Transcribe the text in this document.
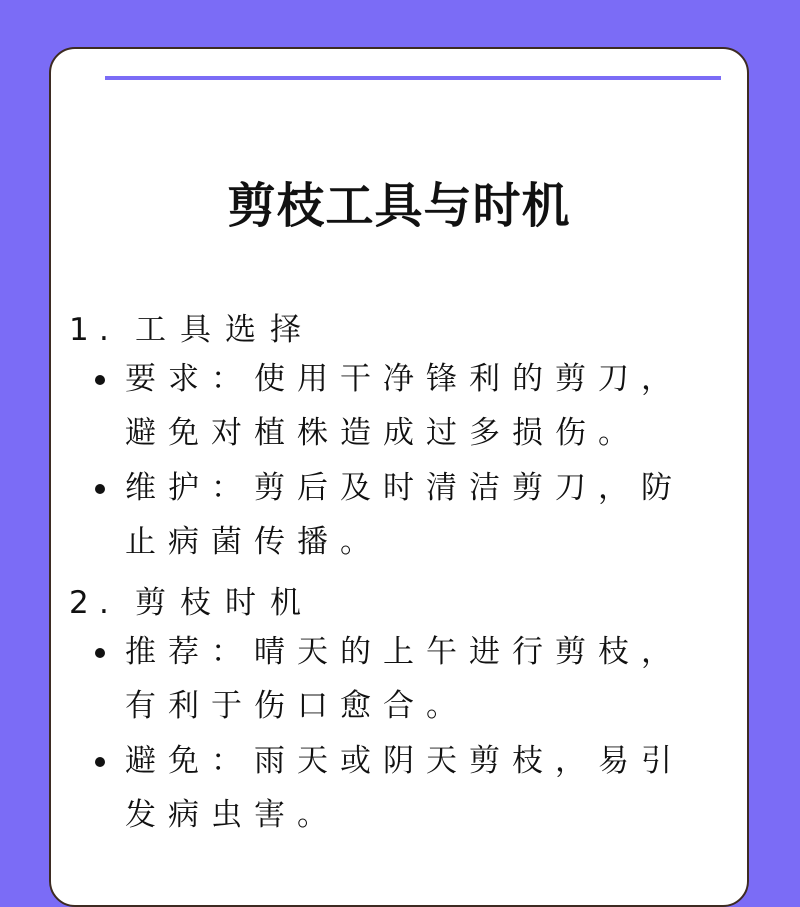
剪枝工具与时机
1 . 工具选择
要求：使用干净锋利的剪刀，避免对植株造成过多损伤。
维护：剪后及时清洁剪刀，防止病菌传播。
2 . 剪枝时机
推荐：晴天的上午进行剪枝，有利于伤口愈合。
避免：雨天或阴天剪枝，易引发病虫害。
